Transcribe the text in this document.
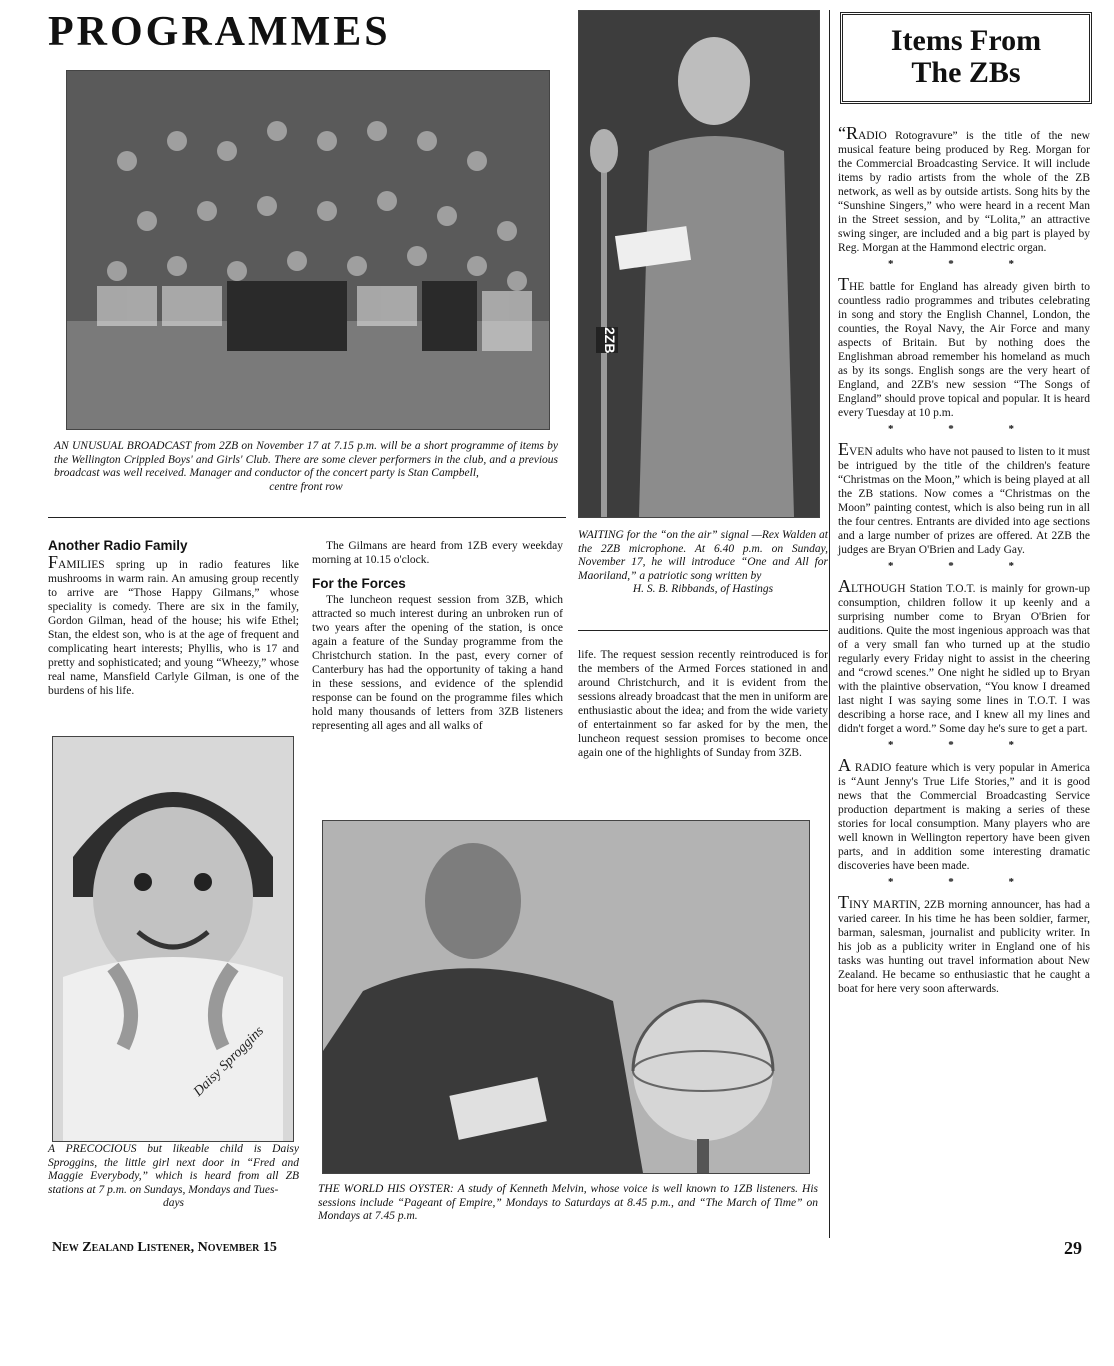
PROGRAMMES
AN UNUSUAL BROADCAST from 2ZB on November 17 at 7.15 p.m. will be a short programme of items by the Wellington Crippled Boys' and Girls' Club. There are some clever performers in the club, and a previous broadcast was well received. Manager and conductor of the concert party is Stan Campbell,
centre front row
2ZB
WAITING for the “on the air” signal —Rex Walden at the 2ZB microphone. At 6.40 p.m. on Sunday, November 17, he will introduce “One and All for Maoriland,” a patriotic song written by
H. S. B. Ribbands, of Hastings
Another Radio Family

FAMILIES spring up in radio features like mushrooms in warm rain. An amusing group recently to arrive are “Those Happy Gilmans,” whose speciality is comedy. There are six in the family, Gordon Gilman, head of the house; his wife Ethel; Stan, the eldest son, who is at the age of frequent and complicating heart interests; Phyllis, who is 17 and pretty and sophisticated; and young “Wheezy,” whose real name, Mansfield Carlyle Gilman, is one of the burdens of his life.

The Gilmans are heard from 1ZB every weekday morning at 10.15 o'clock.

For the Forces

The luncheon request session from 3ZB, which attracted so much interest during an unbroken run of two years after the opening of the station, is once again a feature of the Sunday programme from the Christchurch station. In the past, every corner of Canterbury has had the opportunity of taking a hand in these sessions, and evidence of the splendid response can be found on the programme files which hold many thousands of letters from 3ZB listeners representing all ages and all walks of

life. The request session recently reintroduced is for the members of the Armed Forces stationed in and around Christchurch, and it is evident from the sessions already broadcast that the men in uniform are enthusiastic about the idea; and from the wide variety of entertainment so far asked for by the men, the luncheon request session promises to become once again one of the highlights of Sunday from 3ZB.

Daisy Sproggins
A PRECOCIOUS but likeable child is Daisy Sproggins, the little girl next door in “Fred and Maggie Everybody,” which is heard from all ZB stations at 7 p.m. on Sundays, Mondays and Tues-
days
THE WORLD HIS OYSTER: A study of Kenneth Melvin, whose voice is well known to 1ZB listeners. His sessions include “Pageant of Empire,” Mondays to Saturdays at 8.45 p.m., and “The March of Time” on Mondays at 7.45 p.m.
Items From
The ZBs

“RADIO Rotogravure” is the title of the new musical feature being produced by Reg. Morgan for the Commercial Broadcasting Service. It will include items by radio artists from the whole of the ZB network, as well as by outside artists. Song hits by the “Sunshine Singers,” who were heard in a recent Man in the Street session, and by “Lolita,” an attractive swing singer, are included and a big part is played by Reg. Morgan at the Hammond electric organ.

* * *

THE battle for England has already given birth to countless radio programmes and tributes celebrating in song and story the English Channel, London, the counties, the Royal Navy, the Air Force and many aspects of Britain. But by nothing does the Englishman abroad remember his homeland as much as by its songs. English songs are the very heart of England, and 2ZB's new session “The Songs of England” should prove topical and popular. It is heard every Tuesday at 10 p.m.

* * *

EVEN adults who have not paused to listen to it must be intrigued by the title of the children's feature “Christmas on the Moon,” which is being played at all the ZB stations. Now comes a “Christmas on the Moon” painting contest, which is also being run in all the four centres. Entrants are divided into age sections and a large number of prizes are offered. At 2ZB the judges are Bryan O'Brien and Lady Gay.

* * *

ALTHOUGH Station T.O.T. is mainly for grown-up consumption, children follow it up keenly and a surprising number come to Bryan O'Brien for auditions. Quite the most ingenious approach was that of a very small fan who turned up at the studio regularly every Friday night to assist in the cheering and “crowd scenes.” One night he sidled up to Bryan with the plaintive observation, “You know I dreamed last night I was saying some lines in T.O.T. I was describing a horse race, and I knew all my lines and didn't forget a word.” Some day he's sure to get a part.

* * *

A RADIO feature which is very popular in America is “Aunt Jenny's True Life Stories,” and it is good news that the Commercial Broadcasting Service production department is making a series of these stories for local consumption. Many players who are well known in Wellington repertory have been given parts, and in addition some interesting dramatic discoveries have been made.

* * *

TINY MARTIN, 2ZB morning announcer, has had a varied career. In his time he has been soldier, farmer, barman, salesman, journalist and publicity writer. In his job as a publicity writer in England one of his tasks was hunting out travel information about New Zealand. He became so enthusiastic that he caught a boat for here very soon afterwards.

New Zealand Listener, November 15	29
